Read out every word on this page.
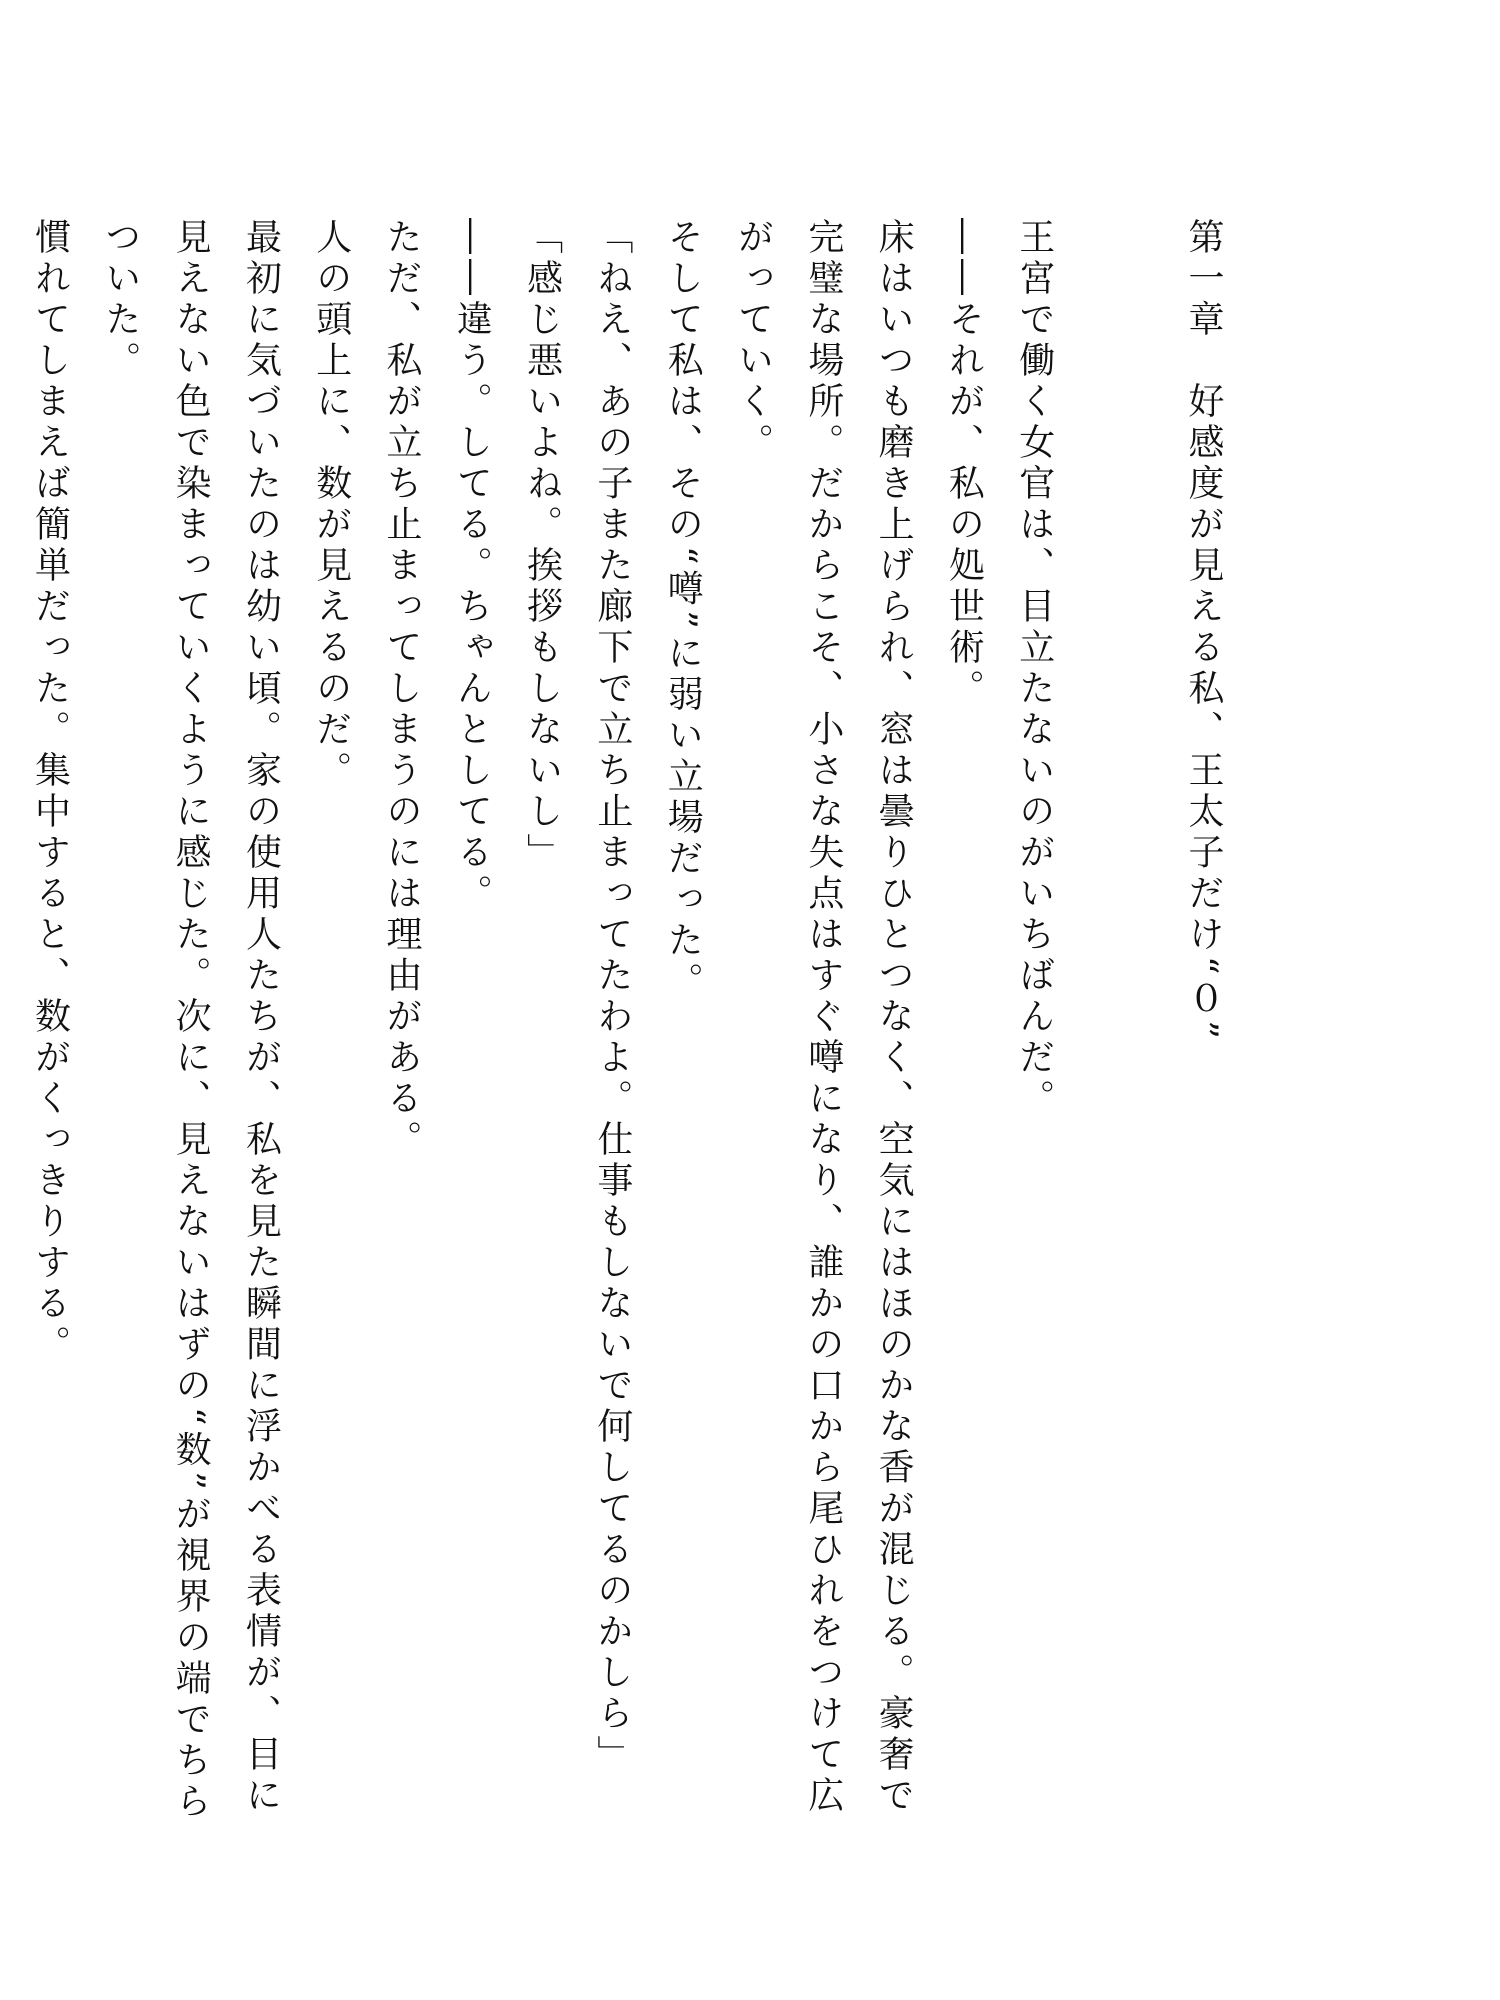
第一章　好感度が見える私、王太子だけ“０”
王宮で働く女官は、目立たないのがいちばんだ。
――それが、私の処世術。
床はいつも磨き上げられ、窓は曇りひとつなく、空気にはほのかな香が混じる。豪奢で完璧な場所。だからこそ、小さな失点はすぐ噂になり、誰かの口から尾ひれをつけて広がっていく。
そして私は、その“噂”に弱い立場だった。
「ねえ、あの子また廊下で立ち止まってたわよ。仕事もしないで何してるのかしら」
「感じ悪いよね。挨拶もしないし」
――違う。してる。ちゃんとしてる。
ただ、私が立ち止まってしまうのには理由がある。
人の頭上に、数が見えるのだ。
最初に気づいたのは幼い頃。家の使用人たちが、私を見た瞬間に浮かべる表情が、目に見えない色で染まっていくように感じた。次に、見えないはずの“数”が視界の端でちらついた。
慣れてしまえば簡単だった。集中すると、数がくっきりする。
